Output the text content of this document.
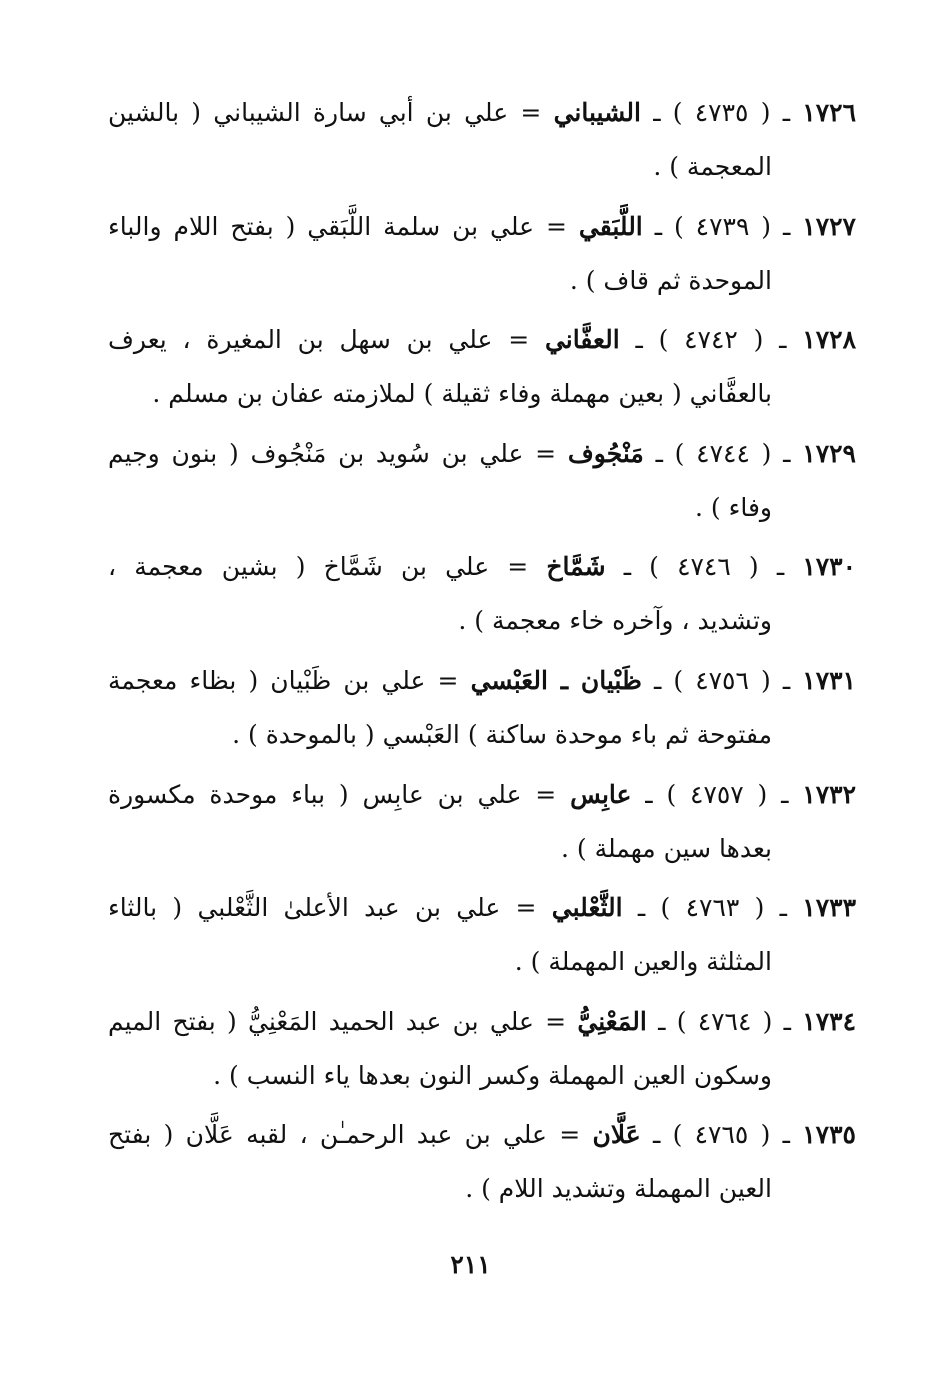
١٧٢٦ ـ ( ٤٧٣٥ ) ـ الشيباني = علي بن أبي سارة الشيباني ( بالشين
المعجمة ) .
١٧٢٧ ـ ( ٤٧٣٩ ) ـ اللَّبَقي = علي بن سلمة اللَّبَقي ( بفتح اللام والباء
الموحدة ثم قاف ) .
١٧٢٨ ـ ( ٤٧٤٢ ) ـ العفَّاني = علي بن سهل بن المغيرة ، يعرف
بالعفَّاني ( بعين مهملة وفاء ثقيلة ) لملازمته عفان بن مسلم .
١٧٢٩ ـ ( ٤٧٤٤ ) ـ مَنْجُوف = علي بن سُويد بن مَنْجُوف ( بنون وجيم
وفاء ) .
١٧٣٠ ـ ( ٤٧٤٦ ) ـ شَمَّاخ = علي بن شَمَّاخ ( بشين معجمة ،
وتشديد ، وآخره خاء معجمة ) .
١٧٣١ ـ ( ٤٧٥٦ ) ـ ظَبْيان ـ العَبْسي = علي بن ظَبْيان ( بظاء معجمة
مفتوحة ثم باء موحدة ساكنة ) العَبْسي ( بالموحدة ) .
١٧٣٢ ـ ( ٤٧٥٧ ) ـ عابِس = علي بن عابِس ( بباء موحدة مكسورة
بعدها سين مهملة ) .
١٧٣٣ ـ ( ٤٧٦٣ ) ـ الثَّعْلبي = علي بن عبد الأعلىٰ الثَّعْلبي ( بالثاء
المثلثة والعين المهملة ) .
١٧٣٤ ـ ( ٤٧٦٤ ) ـ المَعْنِيُّ = علي بن عبد الحميد المَعْنِيُّ ( بفتح الميم
وسكون العين المهملة وكسر النون بعدها ياء النسب ) .
١٧٣٥ ـ ( ٤٧٦٥ ) ـ عَلَّان = علي بن عبد الرحمـٰن ، لقبه عَلَّان ( بفتح
العين المهملة وتشديد اللام ) .
٢١١
